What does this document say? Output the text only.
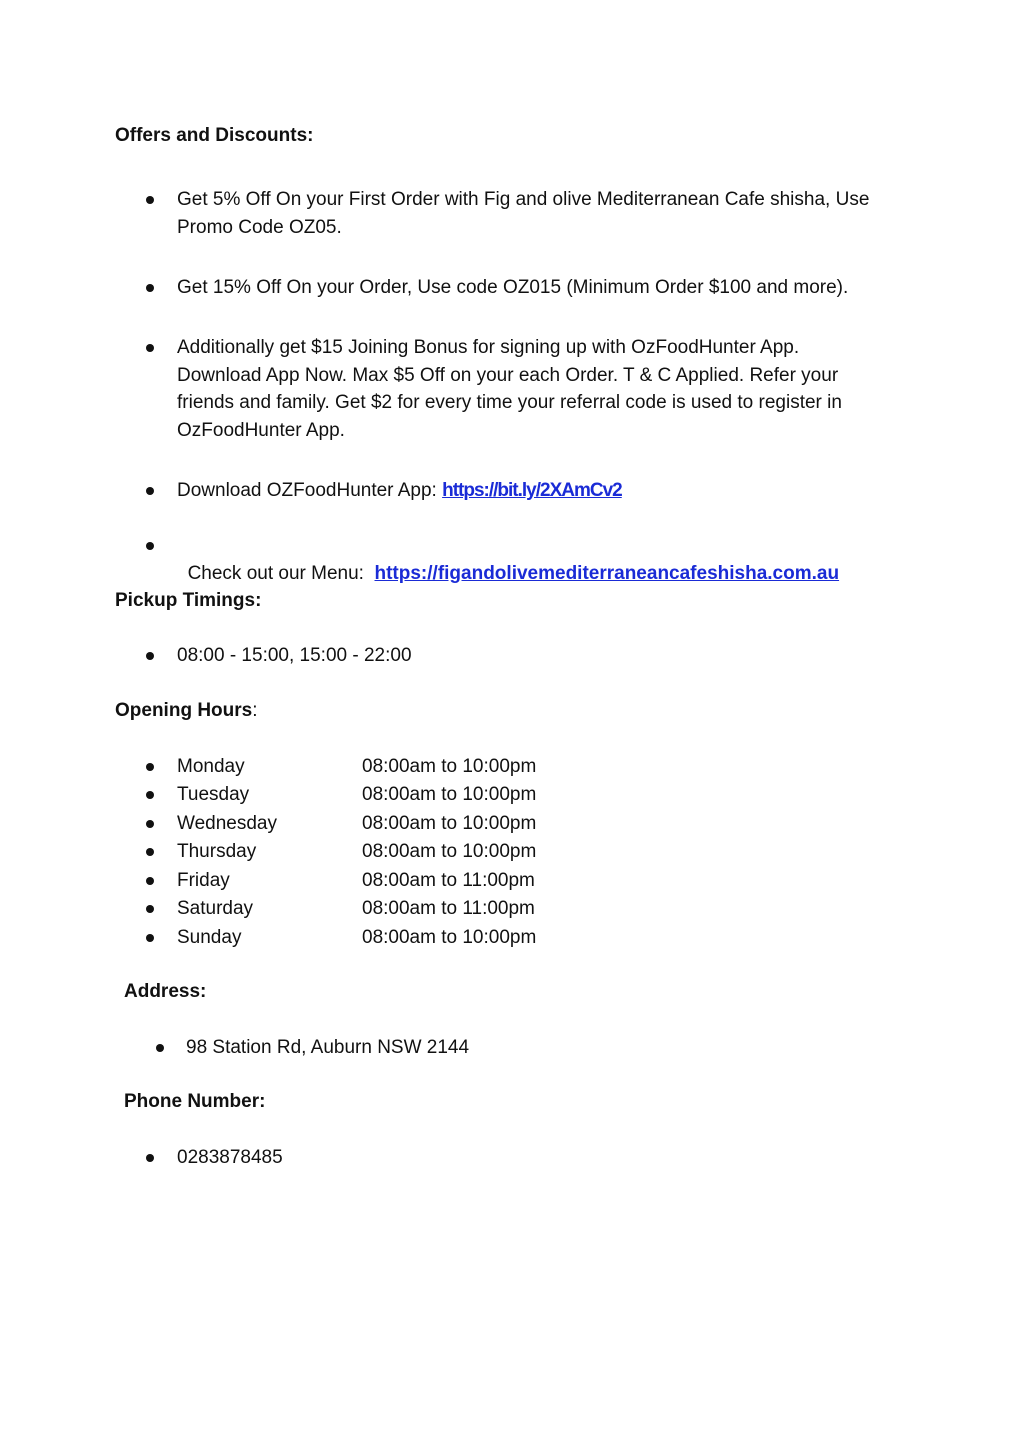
Offers and Discounts:
Get 5% Off On your First Order with Fig and olive Mediterranean Cafe shisha, Use Promo Code OZ05.
Get 15% Off On your Order, Use code OZ015 (Minimum Order $100 and more).
Additionally get $15 Joining Bonus for signing up with OzFoodHunter App. Download App Now. Max $5 Off on your each Order. T & C Applied. Refer your friends and family. Get $2 for every time your referral code is used to register in OzFoodHunter App.
Download OZFoodHunter App: https://bit.ly/2XAmCv2

Check out our Menu:  https://figandolivemediterraneancafeshisha.com.au

Pickup Timings:
08:00 - 15:00, 15:00 - 22:00
Opening Hours:
Monday	08:00am to 10:00pm
Tuesday	08:00am to 10:00pm
Wednesday	08:00am to 10:00pm
Thursday	08:00am to 10:00pm
Friday	08:00am to 11:00pm
Saturday	08:00am to 11:00pm
Sunday	08:00am to 10:00pm
Address:
98 Station Rd, Auburn NSW 2144
Phone Number:
0283878485
